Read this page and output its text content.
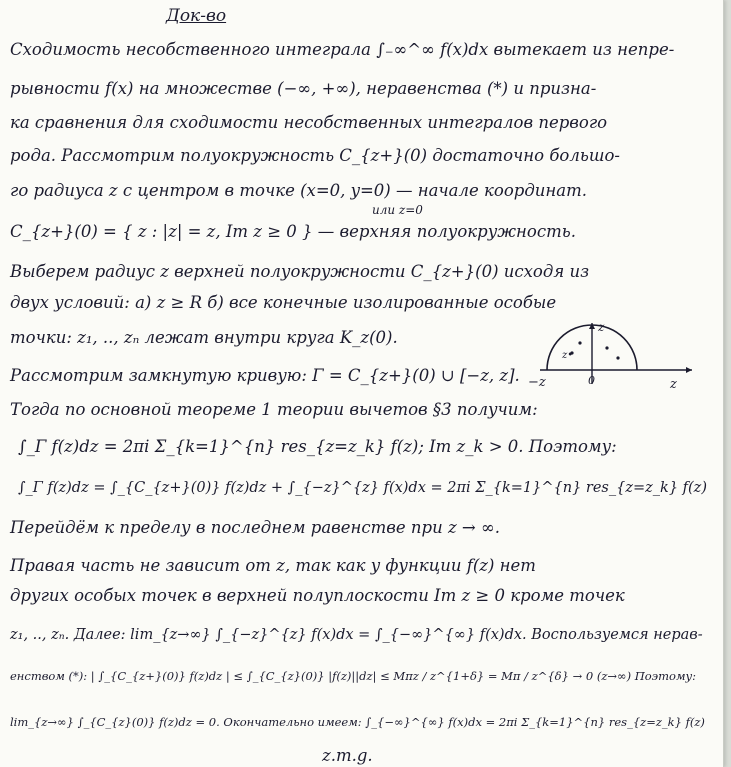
Док-во
Сходимость несобственного интеграла ∫₋∞^∞ f(x)dx вытекает из непре-
рывности f(x) на множестве (−∞, +∞), неравенства (*) и призна-
ка сравнения для сходимости несобственных интегралов первого
рода. Рассмотрим полуокружность C_{z+}(0) достаточно большо-
го радиуса z с центром в точке (x=0, y=0) — начале координат.
или z=0
C_{z+}(0) = { z : |z| = z, Im z ≥ 0 } — верхняя полуокружность.
Выберем радиус z верхней полуокружности C_{z+}(0) исходя из
двух условий: а) z ≥ R б) все конечные изолированные особые
точки: z₁, .., zₙ лежат внутри круга K_z(0).
Рассмотрим замкнутую кривую: Γ = C_{z+}(0) ∪ [−z, z].
Тогда по основной теореме 1 теории вычетов §3 получим:
∫_Γ f(z)dz = 2πi Σ_{k=1}^{n} res_{z=z_k} f(z); Im z_k > 0. Поэтому:
∫_Γ f(z)dz = ∫_{C_{z+}(0)} f(z)dz + ∫_{−z}^{z} f(x)dx = 2πi Σ_{k=1}^{n} res_{z=z_k} f(z)
Перейдём к пределу в последнем равенстве при z → ∞.
Правая часть не зависит от z, так как у функции f(z) нет
других особых точек в верхней полуплоскости Im z ≥ 0 кроме точек
z₁, .., zₙ. Далее: lim_{z→∞} ∫_{−z}^{z} f(x)dx = ∫_{−∞}^{∞} f(x)dx. Воспользуемся нерав-
енством (*): | ∫_{C_{z+}(0)} f(z)dz | ≤ ∫_{C_{z}(0)} |f(z)||dz| ≤ Mπz / z^{1+δ} = Mπ / z^{δ} → 0 (z→∞) Поэтому:
lim_{z→∞} ∫_{C_{z}(0)} f(z)dz = 0. Окончательно имеем: ∫_{−∞}^{∞} f(x)dx = 2πi Σ_{k=1}^{n} res_{z=z_k} f(z)
z.m.g.
z•
z
z
0
−z
